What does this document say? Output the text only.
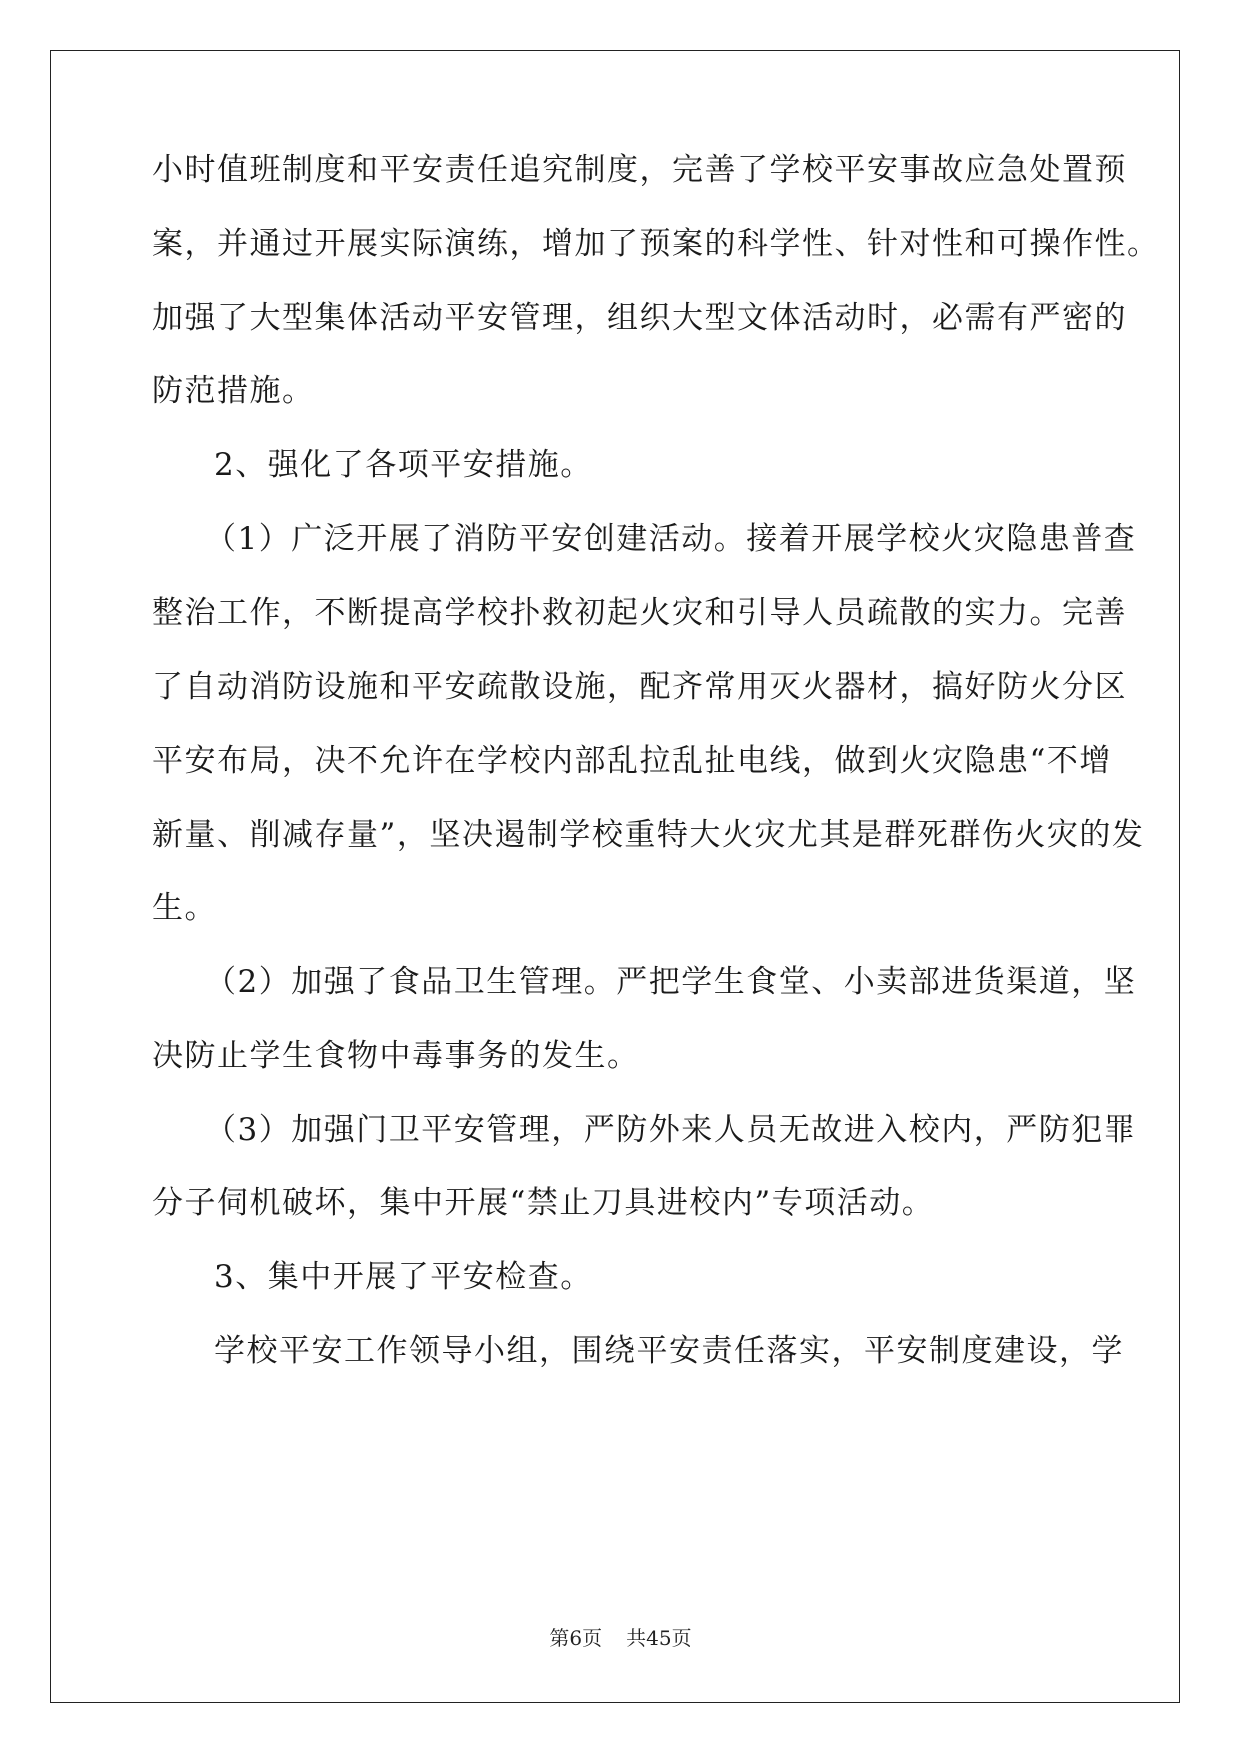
小时值班制度和平安责任追究制度，完善了学校平安事故应急处置预
案，并通过开展实际演练，增加了预案的科学性、针对性和可操作性。
加强了大型集体活动平安管理，组织大型文体活动时，必需有严密的
防范措施。
2、强化了各项平安措施。
（1）广泛开展了消防平安创建活动。接着开展学校火灾隐患普查
整治工作，不断提高学校扑救初起火灾和引导人员疏散的实力。完善
了自动消防设施和平安疏散设施，配齐常用灭火器材，搞好防火分区
平安布局，决不允许在学校内部乱拉乱扯电线，做到火灾隐患“不增
新量、削减存量”，坚决遏制学校重特大火灾尤其是群死群伤火灾的发
生。
（2）加强了食品卫生管理。严把学生食堂、小卖部进货渠道，坚
决防止学生食物中毒事务的发生。
（3）加强门卫平安管理，严防外来人员无故进入校内，严防犯罪
分子伺机破坏，集中开展“禁止刀具进校内”专项活动。
3、集中开展了平安检查。
学校平安工作领导小组，围绕平安责任落实，平安制度建设，学
第6页 共45页
